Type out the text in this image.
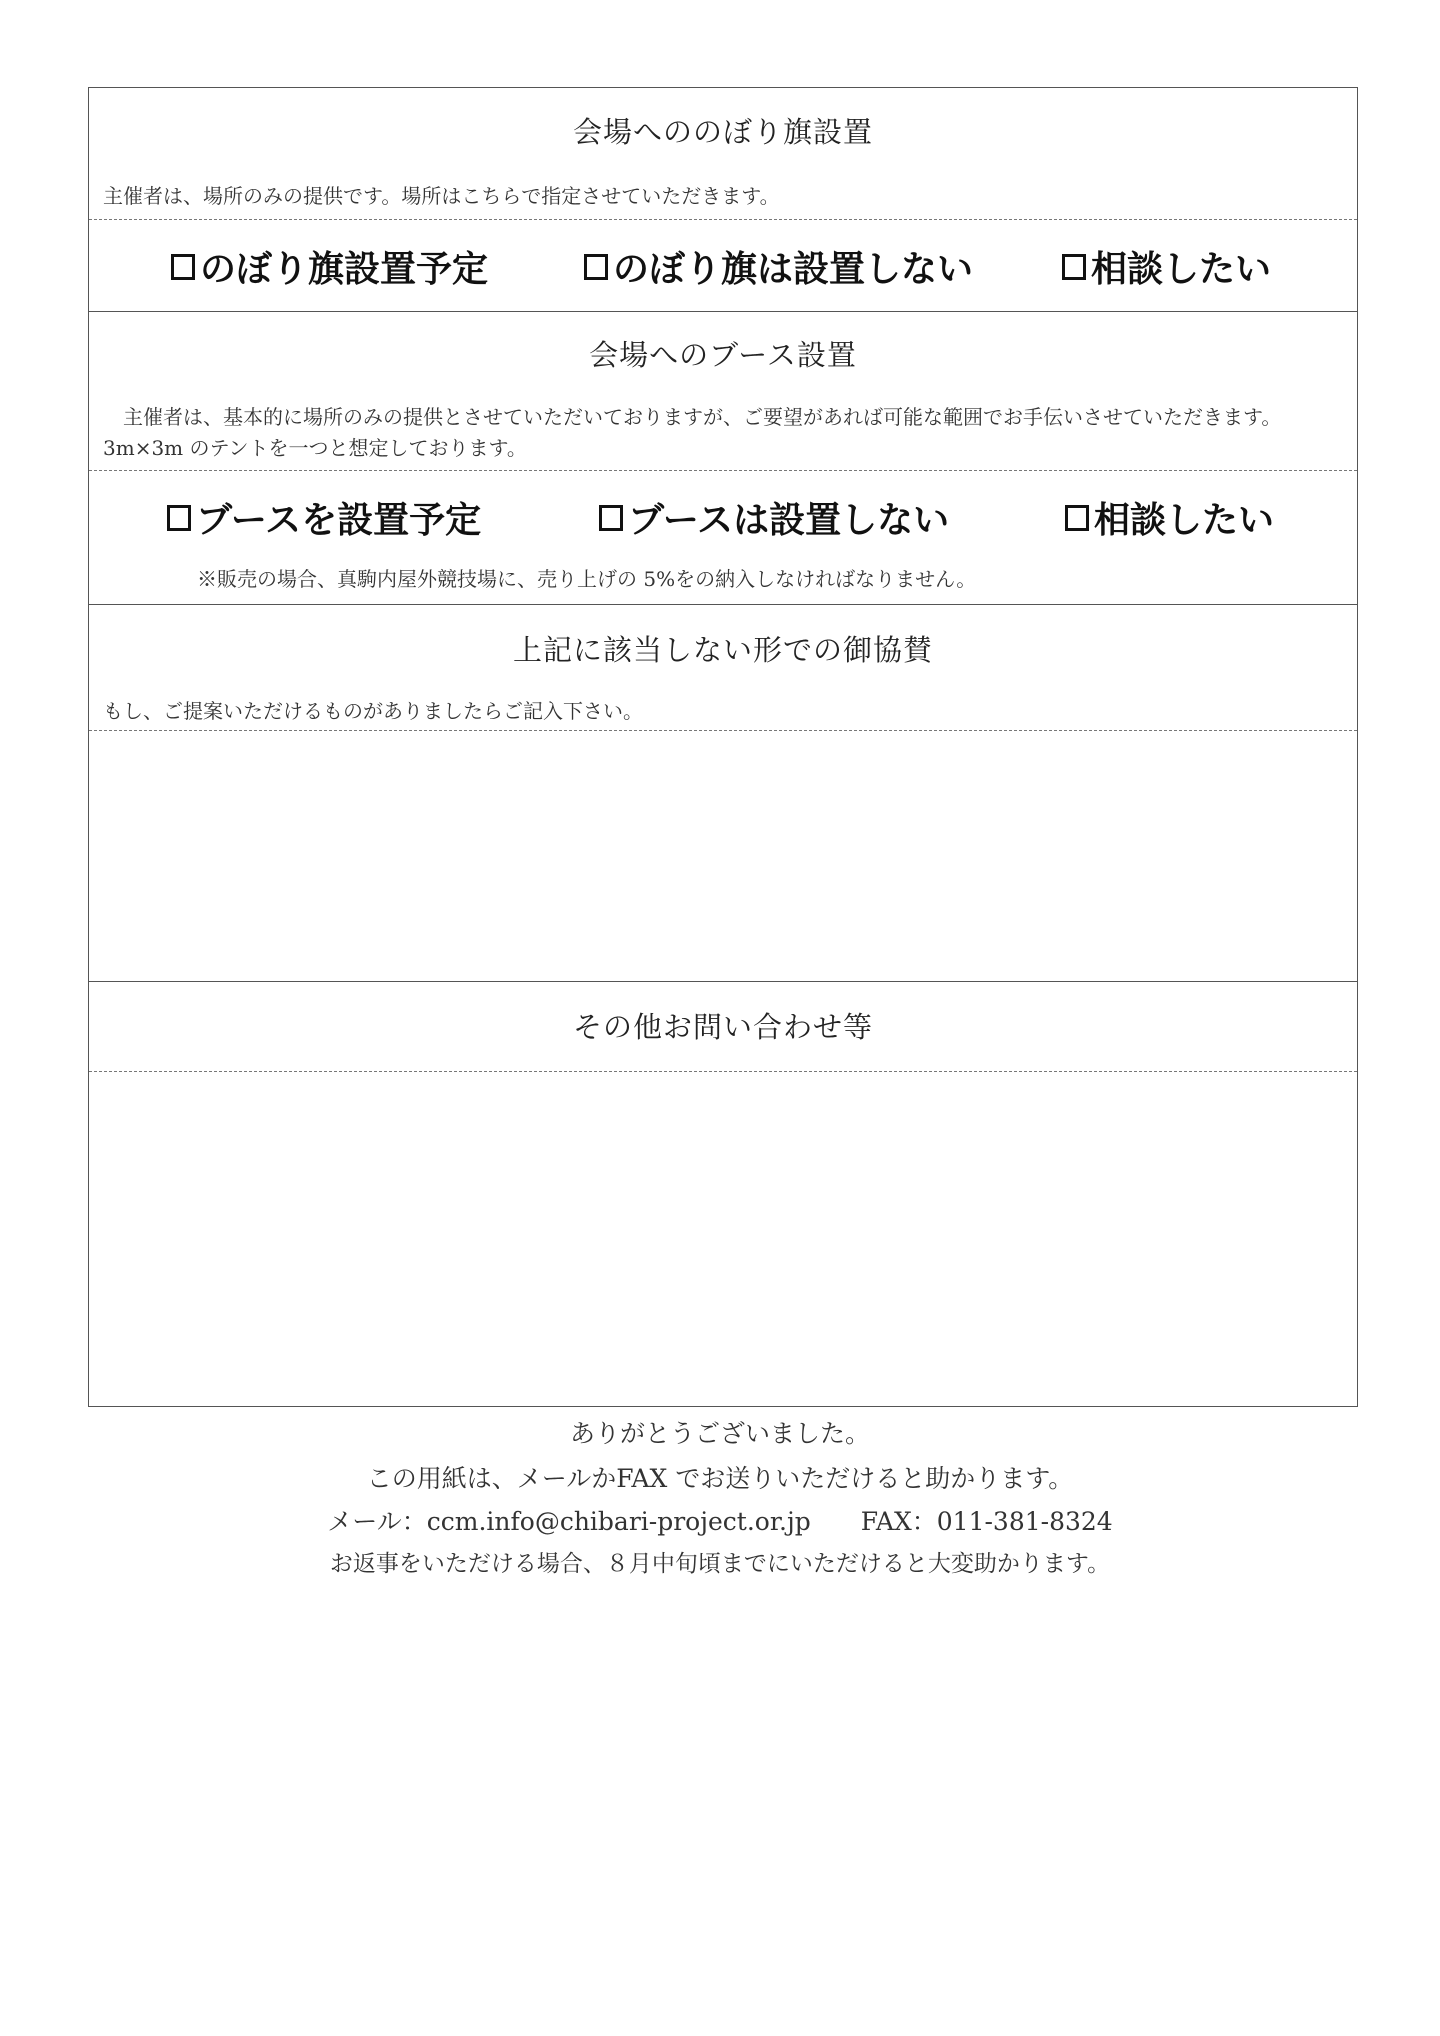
会場へののぼり旗設置
主催者は、場所のみの提供です。場所はこちらで指定させていただきます。
のぼり旗設置予定	のぼり旗は設置しない	相談したい
会場へのブース設置
　主催者は、基本的に場所のみの提供とさせていただいておりますが、ご要望があれば可能な範囲でお手伝いさせていただきます。3m×3m のテントを一つと想定しております。
ブースを設置予定	ブースは設置しない	相談したい
※販売の場合、真駒内屋外競技場に、売り上げの 5%をの納入しなければなりません。
上記に該当しない形での御協賛
もし、ご提案いただけるものがありましたらご記入下さい。
その他お問い合わせ等
ありがとうございました。
この用紙は、メールかFAX でお送りいただけると助かります。
メール：ccm.info@chibari-project.or.jp　　FAX：011-381-8324
お返事をいただける場合、８月中旬頃までにいただけると大変助かります。
